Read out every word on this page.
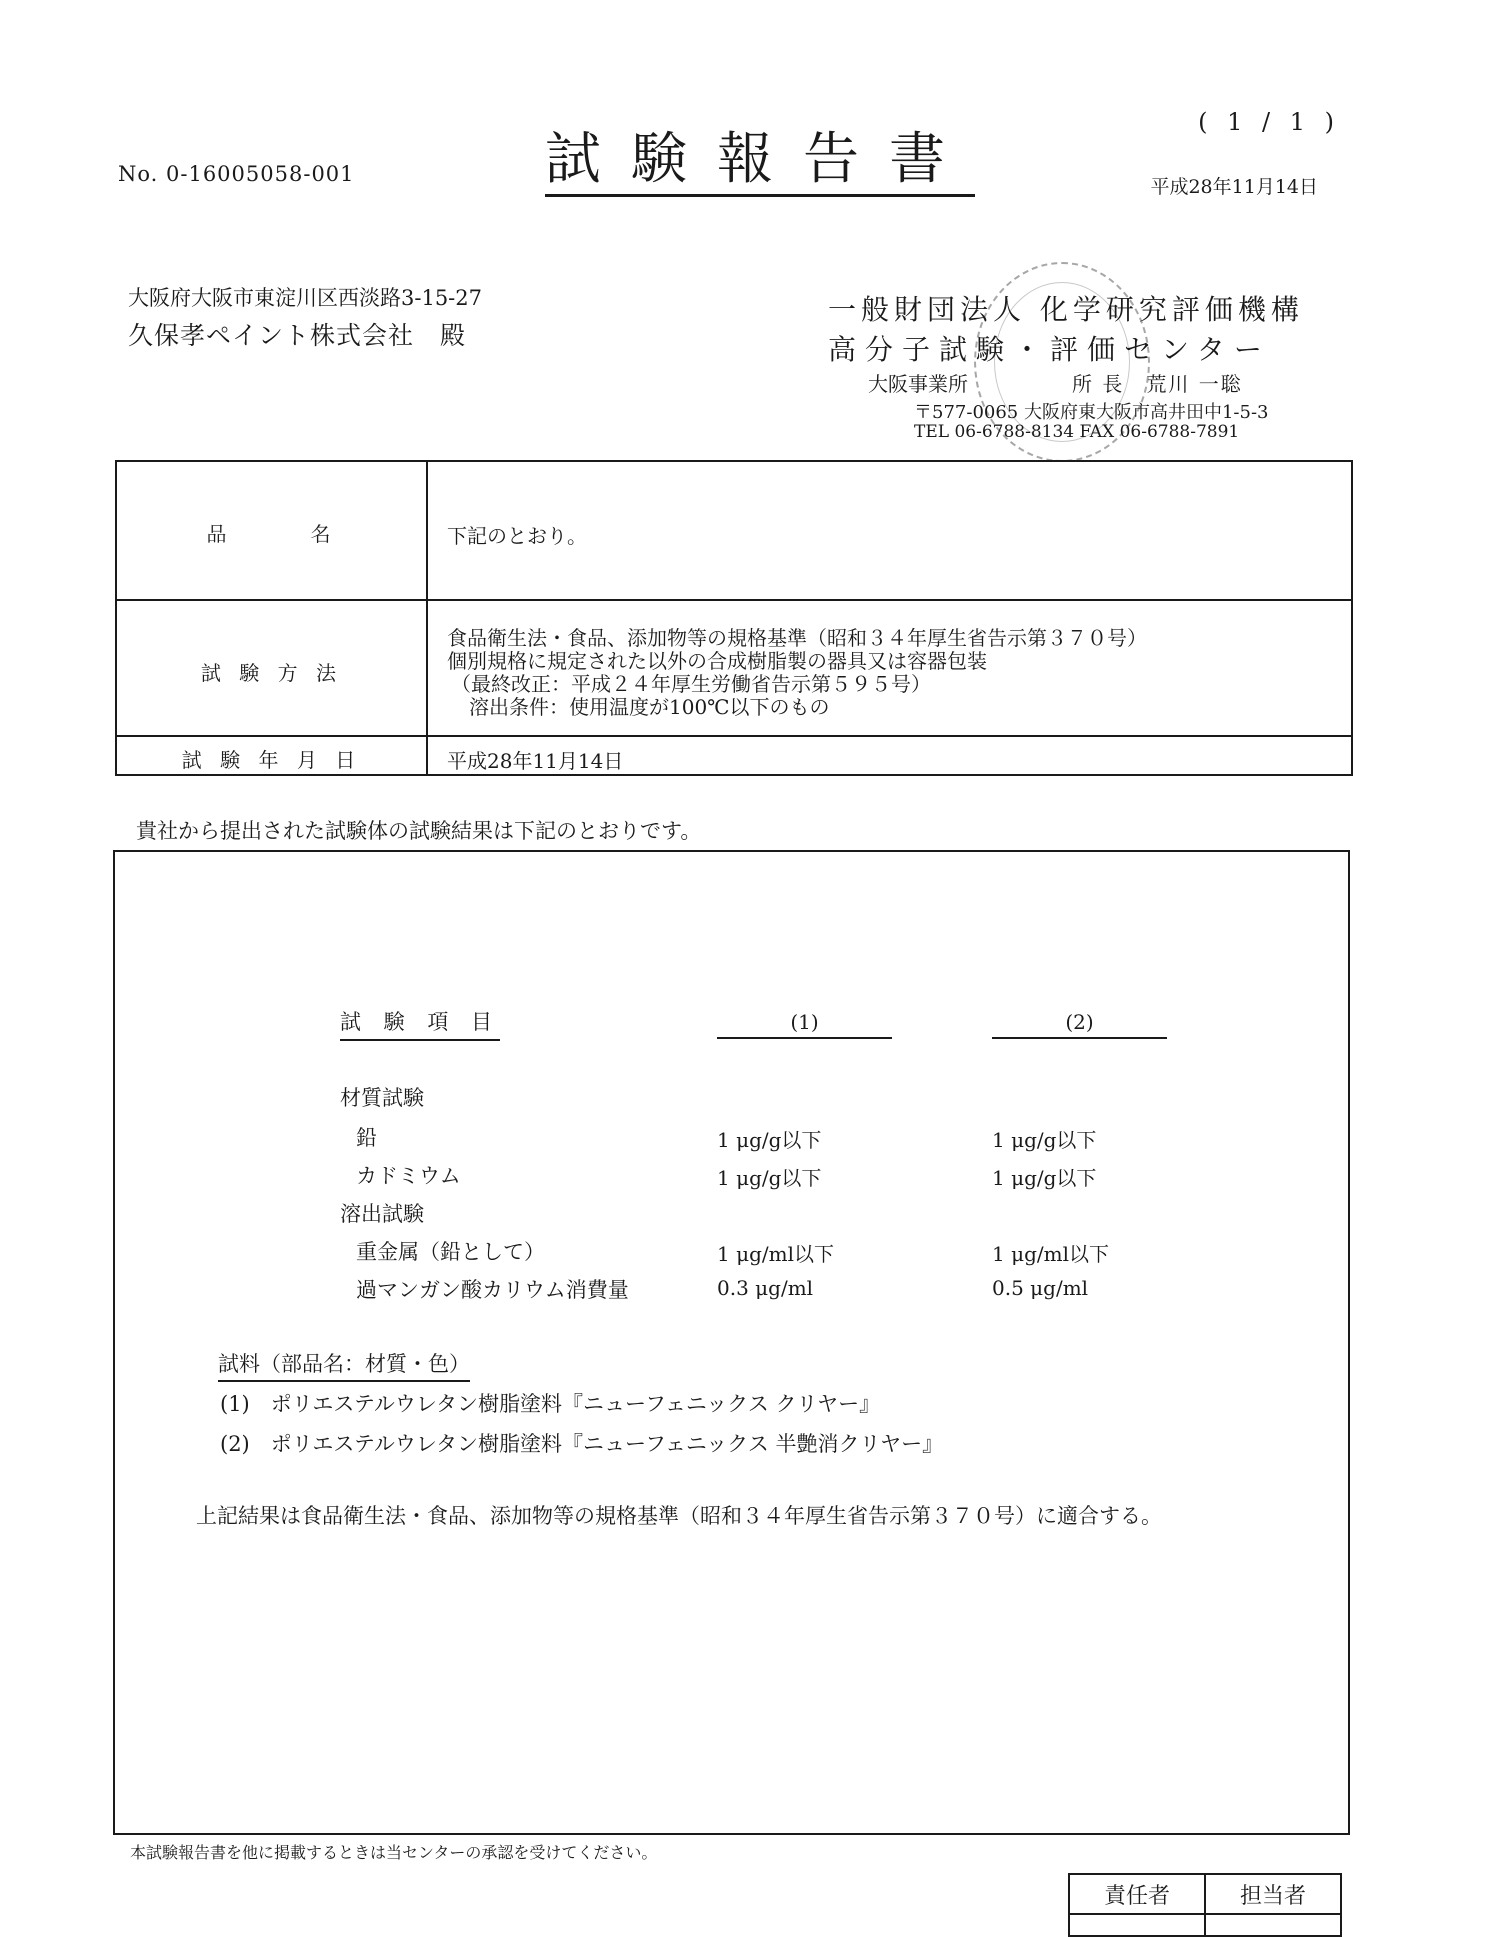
( 1 / 1 )
No. 0-16005058-001	試験報告書	平成28年11月14日
大阪府大阪市東淀川区西淡路3-15-27
久保孝ペイント株式会社　殿
一般財団法人 化学研究評価機構
高分子試験・評価センター
大阪事業所	所 長　荒川 一聡
〒577-0065 大阪府東大阪市高井田中1-5-3
TEL 06-6788-8134 FAX 06-6788-7891
品　　　名	下記のとおり。
試 験 方 法
食品衛生法・食品、添加物等の規格基準（昭和３４年厚生省告示第３７０号）
個別規格に規定された以外の合成樹脂製の器具又は容器包装
（最終改正：平成２４年厚生労働省告示第５９５号）
溶出条件：使用温度が100℃以下のもの
試 験 年 月 日	平成28年11月14日
貴社から提出された試験体の試験結果は下記のとおりです。
試 験 項 目	(1)	(2)
材質試験
鉛	1 μg/g以下	1 μg/g以下
カドミウム	1 μg/g以下	1 μg/g以下
溶出試験
重金属（鉛として）	1 μg/ml以下	1 μg/ml以下
過マンガン酸カリウム消費量	0.3 μg/ml	0.5 μg/ml
試料（部品名：材質・色）
(1)　ポリエステルウレタン樹脂塗料『ニューフェニックス クリヤー』
(2)　ポリエステルウレタン樹脂塗料『ニューフェニックス 半艶消クリヤー』
上記結果は食品衛生法・食品、添加物等の規格基準（昭和３４年厚生省告示第３７０号）に適合する。
本試験報告書を他に掲載するときは当センターの承認を受けてください。
責任者	担当者
